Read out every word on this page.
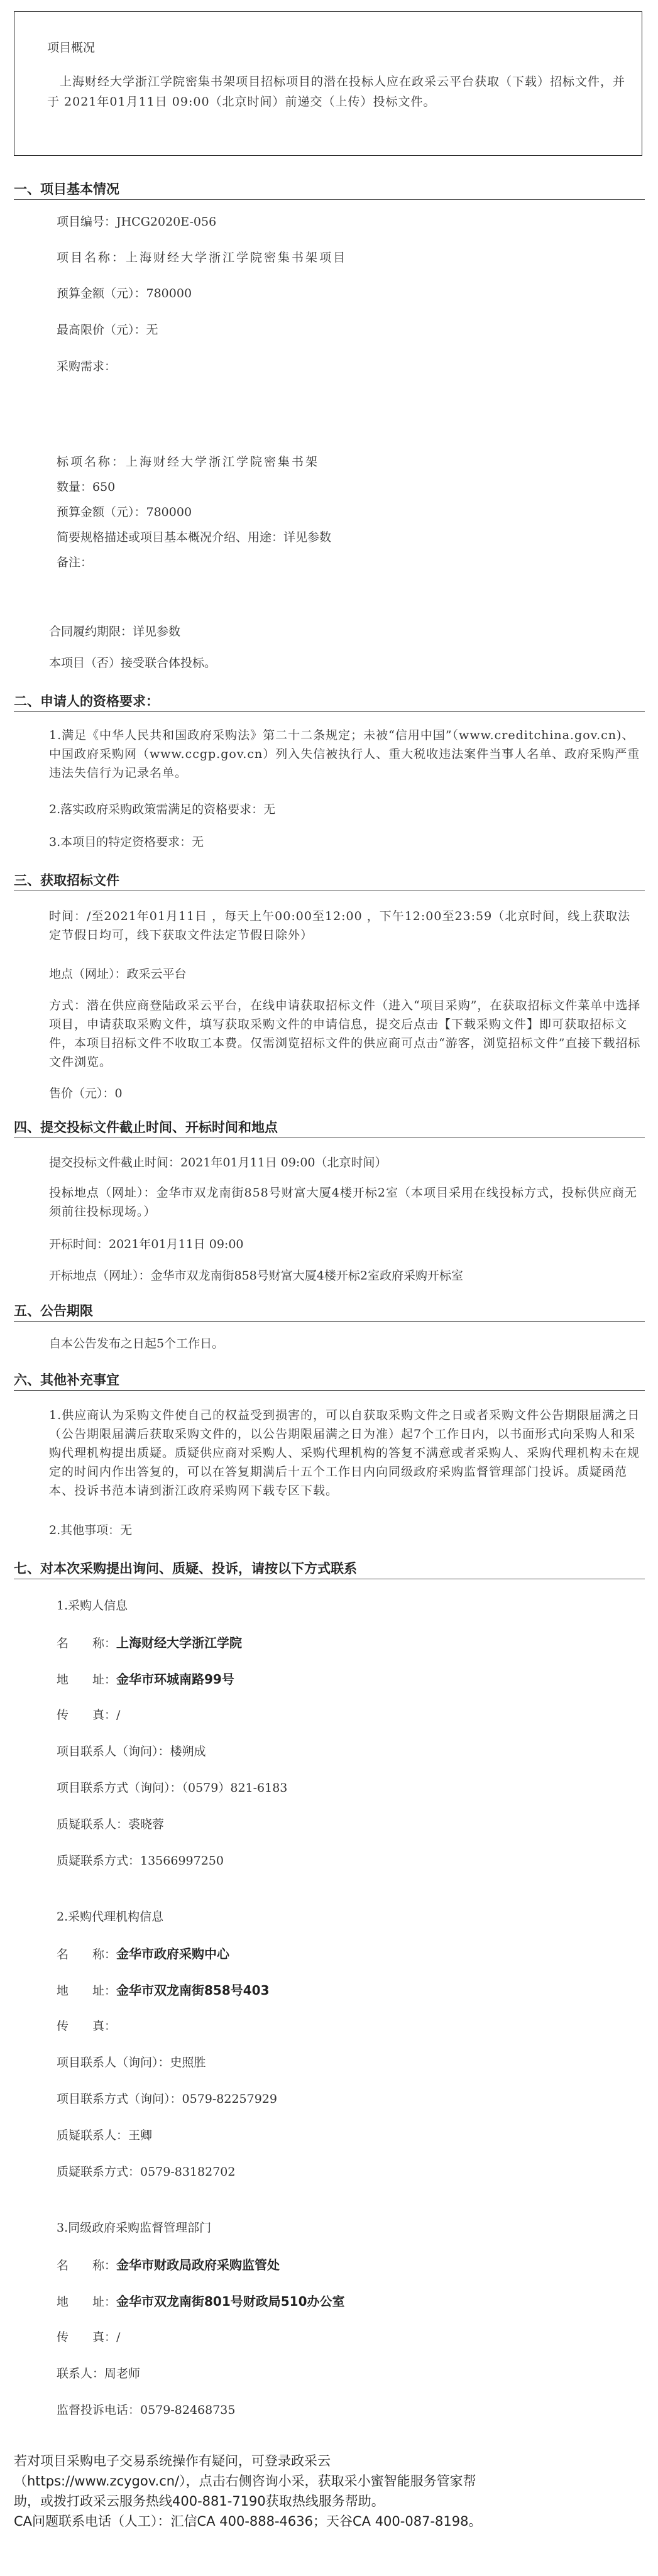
项目概况
上海财经大学浙江学院密集书架项目招标项目的潜在投标人应在政采云平台获取（下载）招标文件，并于 2021年01月11日 09:00（北京时间）前递交（上传）投标文件。
一、项目基本情况
项目编号：JHCG2020E-056
项目名称：上海财经大学浙江学院密集书架项目
预算金额（元）：780000
最高限价（元）：无
采购需求：
标项名称：上海财经大学浙江学院密集书架
数量：650
预算金额（元）：780000
简要规格描述或项目基本概况介绍、用途：详见参数
备注：
合同履约期限：详见参数
本项目（否）接受联合体投标。
二、申请人的资格要求：
1.满足《中华人民共和国政府采购法》第二十二条规定；未被“信用中国”（www.creditchina.gov.cn)、中国政府采购网（www.ccgp.gov.cn）列入失信被执行人、重大税收违法案件当事人名单、政府采购严重违法失信行为记录名单。
2.落实政府采购政策需满足的资格要求：无
3.本项目的特定资格要求：无
三、获取招标文件
时间：/至2021年01月11日 ，每天上午00:00至12:00 ，下午12:00至23:59（北京时间，线上获取法定节假日均可，线下获取文件法定节假日除外）
地点（网址）：政采云平台
方式：潜在供应商登陆政采云平台，在线申请获取招标文件（进入“项目采购”，在获取招标文件菜单中选择项目，申请获取采购文件，填写获取采购文件的申请信息，提交后点击【下载采购文件】即可获取招标文件，本项目招标文件不收取工本费。仅需浏览招标文件的供应商可点击“游客，浏览招标文件”直接下载招标文件浏览。
售价（元）：0
四、提交投标文件截止时间、开标时间和地点
提交投标文件截止时间：2021年01月11日 09:00（北京时间）
投标地点（网址）：金华市双龙南街858号财富大厦4楼开标2室（本项目采用在线投标方式，投标供应商无须前往投标现场。）
开标时间：2021年01月11日 09:00
开标地点（网址）：金华市双龙南街858号财富大厦4楼开标2室政府采购开标室
五、公告期限
自本公告发布之日起5个工作日。
六、其他补充事宜
1.供应商认为采购文件使自己的权益受到损害的，可以自获取采购文件之日或者采购文件公告期限届满之日（公告期限届满后获取采购文件的，以公告期限届满之日为准）起7个工作日内，以书面形式向采购人和采购代理机构提出质疑。质疑供应商对采购人、采购代理机构的答复不满意或者采购人、采购代理机构未在规定的时间内作出答复的，可以在答复期满后十五个工作日内向同级政府采购监督管理部门投诉。质疑函范本、投诉书范本请到浙江政府采购网下载专区下载。
2.其他事项：无
七、对本次采购提出询问、质疑、投诉，请按以下方式联系
1.采购人信息
名　　称：上海财经大学浙江学院
地　　址：金华市环城南路99号
传　　真：/
项目联系人（询问）：楼朔成
项目联系方式（询问）：（0579）821-6183
质疑联系人：裘晓蓉
质疑联系方式：13566997250
2.采购代理机构信息
名　　称：金华市政府采购中心
地　　址：金华市双龙南街858号403
传　　真：
项目联系人（询问）：史照胜
项目联系方式（询问）：0579-82257929
质疑联系人：王卿
质疑联系方式：0579-83182702
3.同级政府采购监督管理部门
名　　称：金华市财政局政府采购监管处
地　　址：金华市双龙南街801号财政局510办公室
传　　真：/
联系人：周老师
监督投诉电话：0579-82468735
若对项目采购电子交易系统操作有疑问，可登录政采云
（https://www.zcygov.cn/），点击右侧咨询小采，获取采小蜜智能服务管家帮
助，或拨打政采云服务热线400-881-7190获取热线服务帮助。
CA问题联系电话（人工）：汇信CA 400-888-4636；天谷CA 400-087-8198。
